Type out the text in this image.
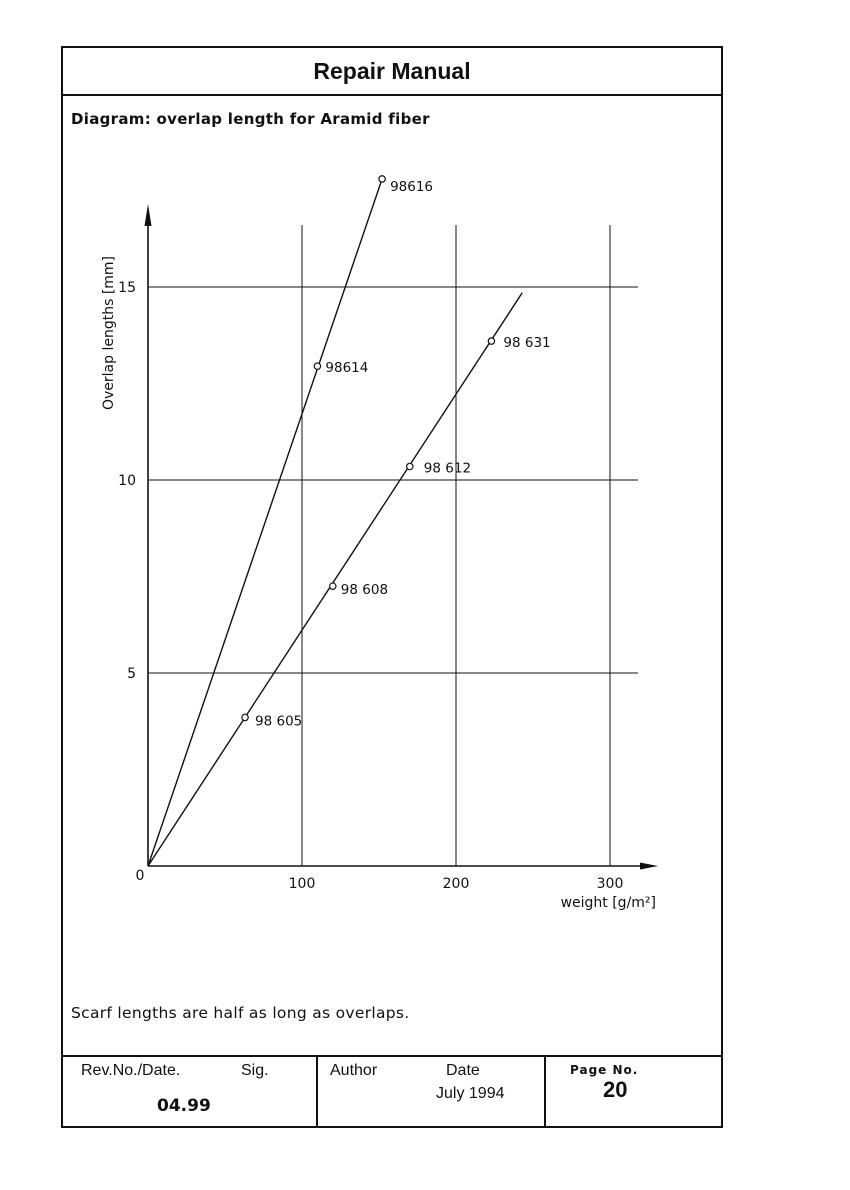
Repair Manual
Diagram: overlap length for Aramid fiber
Scarf lengths are half as long as overlaps.
Rev.No./Date.	Sig.
04.99
Author	Date
July 1994
Page No.
20
0	100	200	300
5
10
15
98614
98616
98 605
98 608
98 612
98 631
weight [g/m²]
Overlap lengths [mm]
